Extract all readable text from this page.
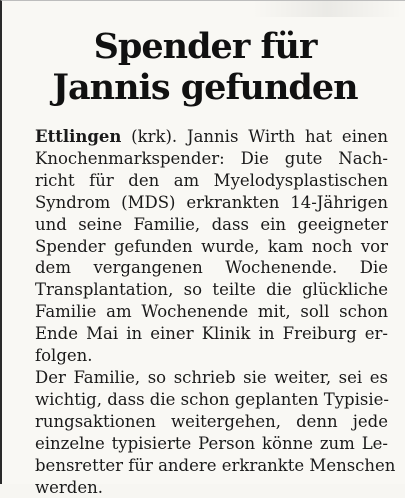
Spender für
Jannis gefunden

Ettlingen (krk). Jannis Wirth hat einen
Knochenmarkspender: Die gute Nach-
richt für den am Myelodysplastischen
Syndrom (MDS) erkrankten 14-Jährigen
und seine Familie, dass ein geeigneter
Spender gefunden wurde, kam noch vor
dem vergangenen Wochenende. Die
Transplantation, so teilte die glückliche
Familie am Wochenende mit, soll schon
Ende Mai in einer Klinik in Freiburg er-
folgen.

Der Familie, so schrieb sie weiter, sei es
wichtig, dass die schon geplanten Typisie-
rungsaktionen weitergehen, denn jede
einzelne typisierte Person könne zum Le-
bensretter für andere erkrankte Menschen
werden.
